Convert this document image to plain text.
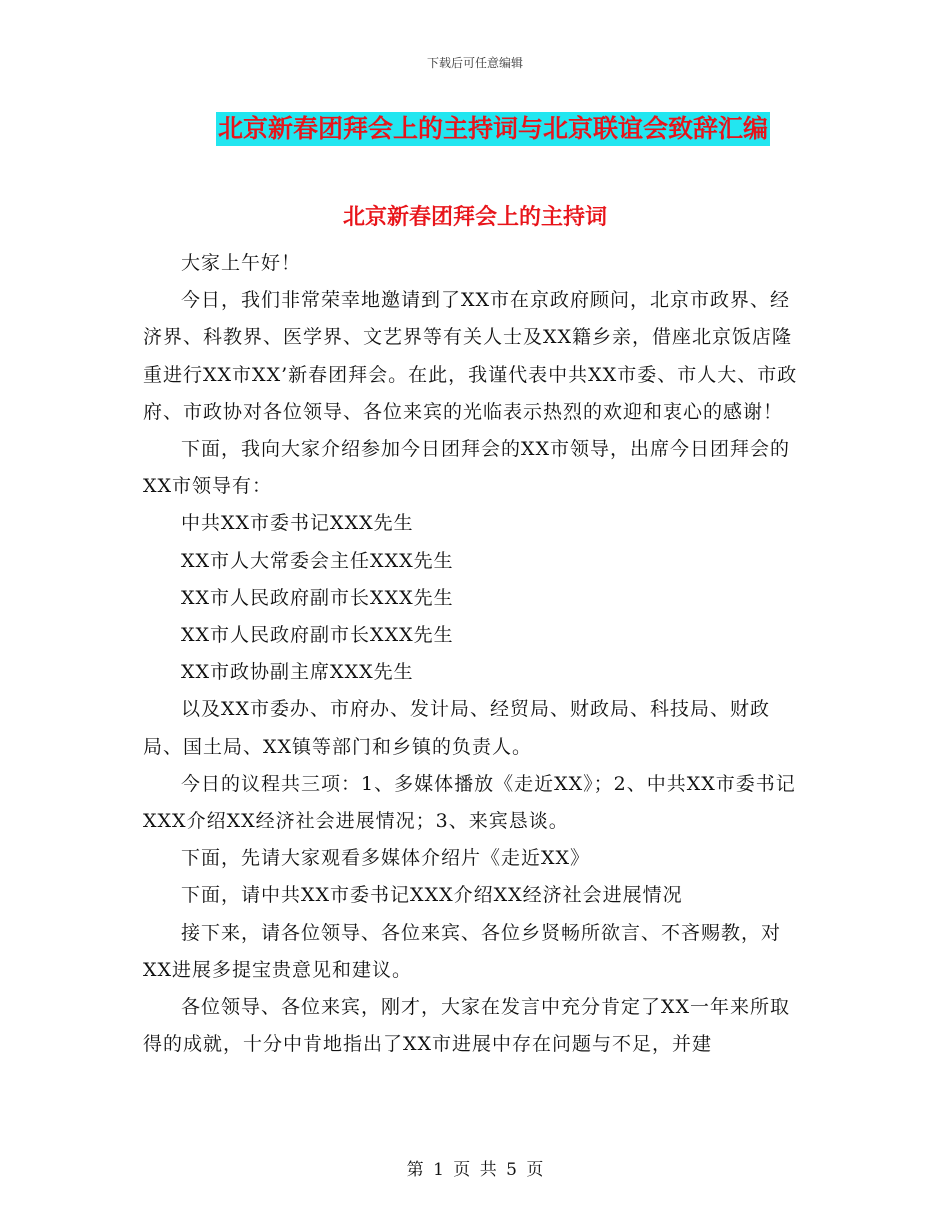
下载后可任意编辑
北京新春团拜会上的主持词与北京联谊会致辞汇编
北京新春团拜会上的主持词

大家上午好！

今日，我们非常荣幸地邀请到了XX市在京政府顾问，北京市政界、经济界、科教界、医学界、文艺界等有关人士及XX籍乡亲，借座北京饭店隆重进行XX市XX’新春团拜会。在此，我谨代表中共XX市委、市人大、市政府、市政协对各位领导、各位来宾的光临表示热烈的欢迎和衷心的感谢！

下面，我向大家介绍参加今日团拜会的XX市领导，出席今日团拜会的XX市领导有：

中共XX市委书记XXX先生

XX市人大常委会主任XXX先生

XX市人民政府副市长XXX先生

XX市人民政府副市长XXX先生

XX市政协副主席XXX先生

以及XX市委办、市府办、发计局、经贸局、财政局、科技局、财政局、国土局、XX镇等部门和乡镇的负责人。

今日的议程共三项：1、多媒体播放《走近XX》；2、中共XX市委书记XXX介绍XX经济社会进展情况；3、来宾恳谈。

下面，先请大家观看多媒体介绍片《走近XX》

下面，请中共XX市委书记XXX介绍XX经济社会进展情况

接下来，请各位领导、各位来宾、各位乡贤畅所欲言、不吝赐教，对XX进展多提宝贵意见和建议。

各位领导、各位来宾，刚才，大家在发言中充分肯定了XX一年来所取得的成就，十分中肯地指出了XX市进展中存在问题与不足，并建

第 1 页 共 5 页
